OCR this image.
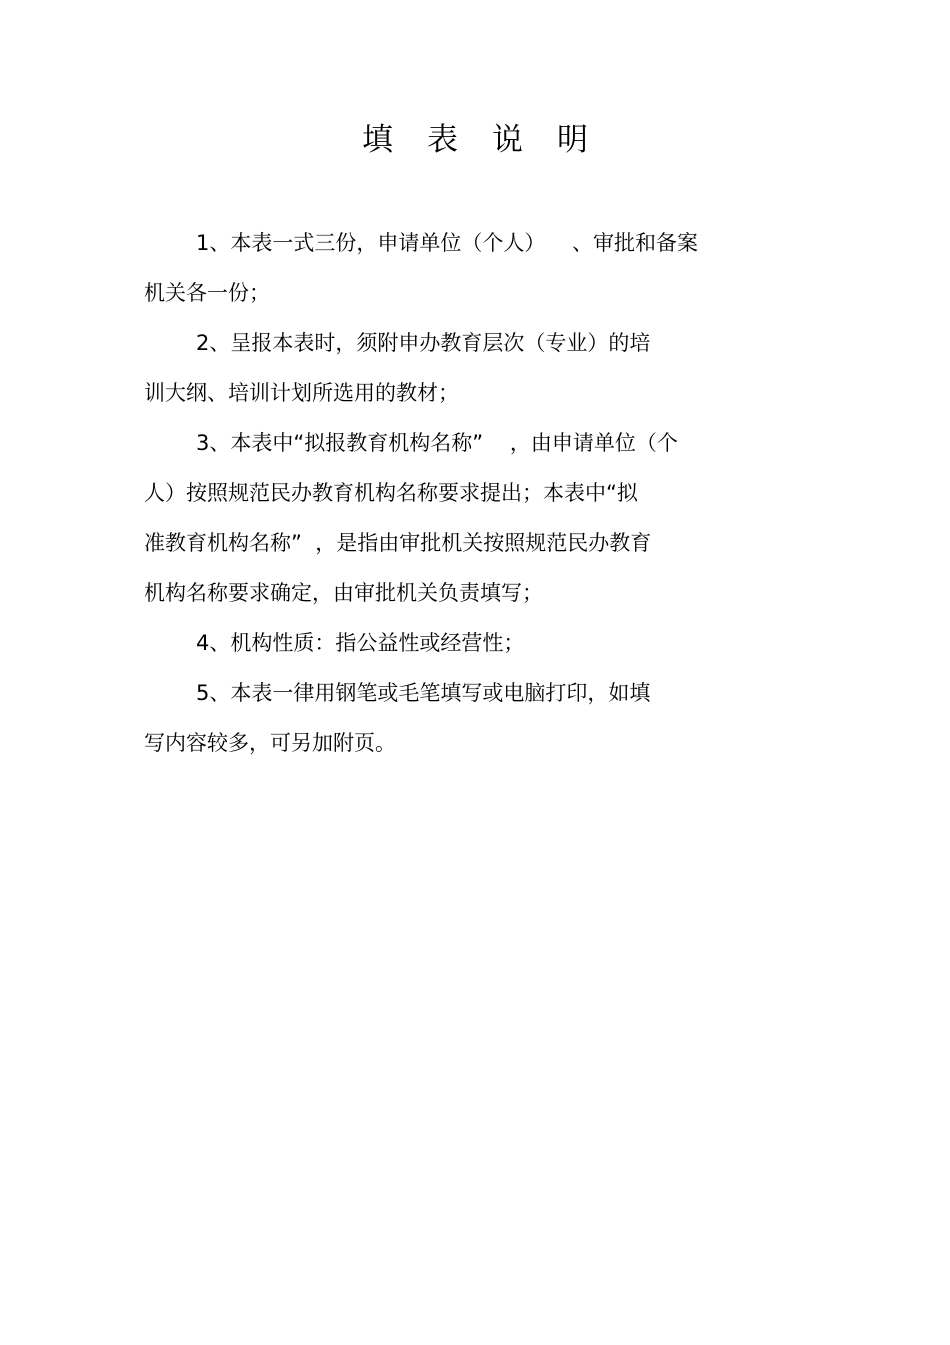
填 表 说 明
1、本表一式三份，申请单位（个人）    、审批和备案
机关各一份；
2、呈报本表时，须附申办教育层次（专业）的培
训大纲、培训计划所选用的教材；
3、本表中“拟报教育机构名称”    ，由申请单位（个
人）按照规范民办教育机构名称要求提出；本表中“拟
准教育机构名称”  ，是指由审批机关按照规范民办教育
机构名称要求确定，由审批机关负责填写；
4、机构性质：指公益性或经营性；
5、本表一律用钢笔或毛笔填写或电脑打印，如填
写内容较多，可另加附页。
